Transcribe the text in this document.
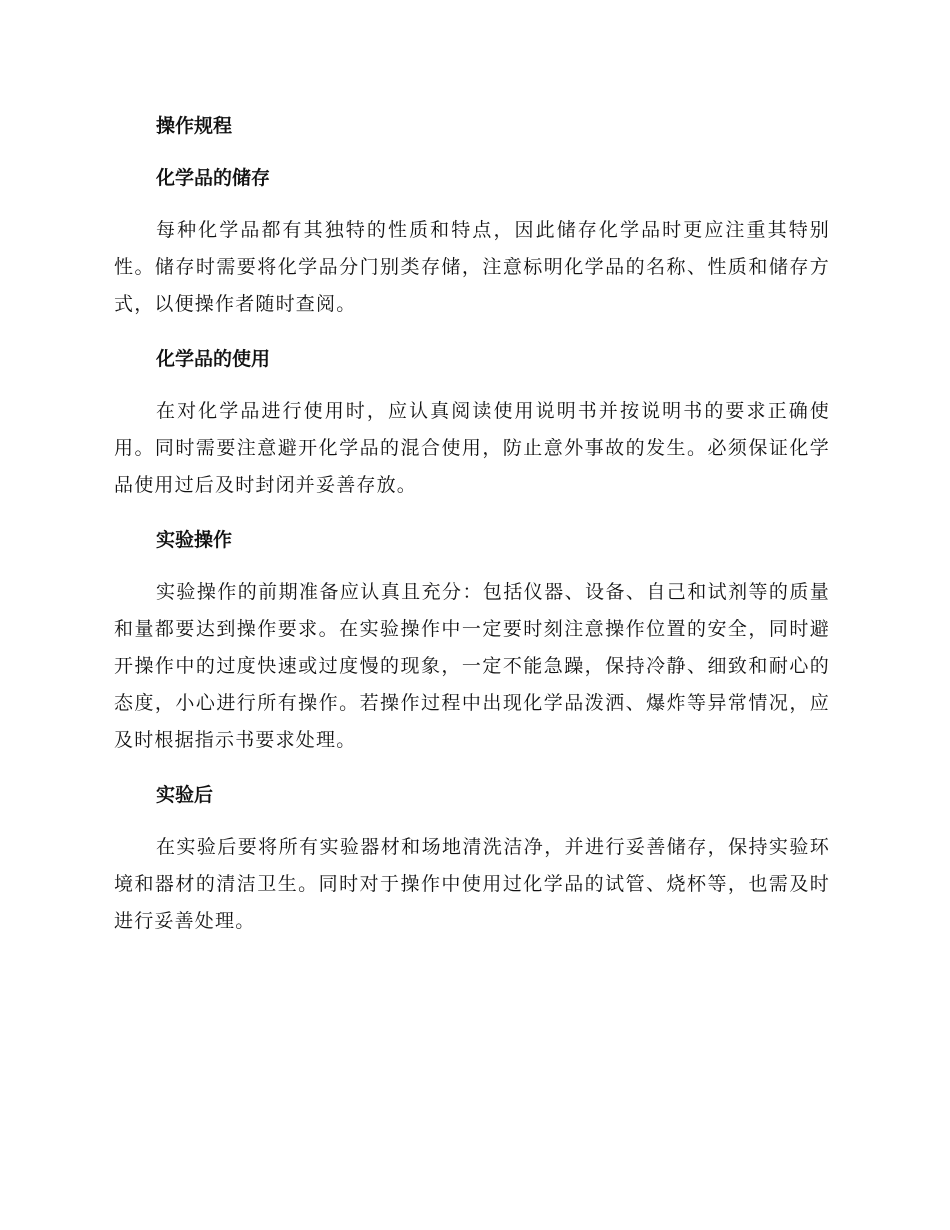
操作规程
化学品的储存

每种化学品都有其独特的性质和特点，因此储存化学品时更应注重其特别性。储存时需要将化学品分门别类存储，注意标明化学品的名称、性质和储存方式，以便操作者随时查阅。

化学品的使用

在对化学品进行使用时，应认真阅读使用说明书并按说明书的要求正确使用。同时需要注意避开化学品的混合使用，防止意外事故的发生。必须保证化学品使用过后及时封闭并妥善存放。

实验操作

实验操作的前期准备应认真且充分：包括仪器、设备、自己和试剂等的质量和量都要达到操作要求。在实验操作中一定要时刻注意操作位置的安全，同时避开操作中的过度快速或过度慢的现象，一定不能急躁，保持冷静、细致和耐心的态度，小心进行所有操作。若操作过程中出现化学品泼洒、爆炸等异常情况，应及时根据指示书要求处理。

实验后

在实验后要将所有实验器材和场地清洗洁净，并进行妥善储存，保持实验环境和器材的清洁卫生。同时对于操作中使用过化学品的试管、烧杯等，也需及时进行妥善处理。
